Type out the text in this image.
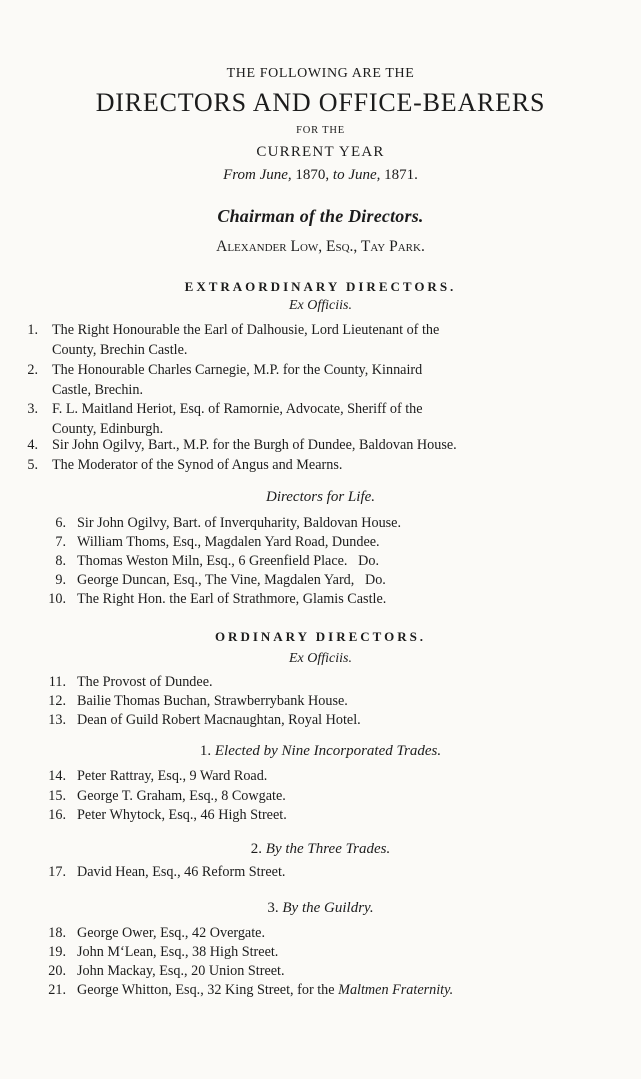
THE FOLLOWING ARE THE
DIRECTORS AND OFFICE-BEARERS
FOR THE
CURRENT YEAR
From June, 1870, to June, 1871.
Chairman of the Directors.
Alexander Low, Esq., Tay Park.
EXTRAORDINARY DIRECTORS.
Ex Officiis.
1. The Right Honourable the Earl of Dalhousie, Lord Lieutenant of the
County, Brechin Castle.
2. The Honourable Charles Carnegie, M.P. for the County, Kinnaird
Castle, Brechin.
3. F. L. Maitland Heriot, Esq. of Ramornie, Advocate, Sheriff of the
County, Edinburgh.
4. Sir John Ogilvy, Bart., M.P. for the Burgh of Dundee, Baldovan House.
5. The Moderator of the Synod of Angus and Mearns.
Directors for Life.
6. Sir John Ogilvy, Bart. of Inverquharity, Baldovan House.
7. William Thoms, Esq., Magdalen Yard Road, Dundee.
8. Thomas Weston Miln, Esq., 6 Greenfield Place.   Do.
9. George Duncan, Esq., The Vine, Magdalen Yard,   Do.
10. The Right Hon. the Earl of Strathmore, Glamis Castle.
ORDINARY DIRECTORS.
Ex Officiis.
11. The Provost of Dundee.
12. Bailie Thomas Buchan, Strawberrybank House.
13. Dean of Guild Robert Macnaughtan, Royal Hotel.
1. Elected by Nine Incorporated Trades.
14. Peter Rattray, Esq., 9 Ward Road.
15. George T. Graham, Esq., 8 Cowgate.
16. Peter Whytock, Esq., 46 High Street.
2. By the Three Trades.
17. David Hean, Esq., 46 Reform Street.
3. By the Guildry.
18. George Ower, Esq., 42 Overgate.
19. John M‘Lean, Esq., 38 High Street.
20. John Mackay, Esq., 20 Union Street.
21. George Whitton, Esq., 32 King Street, for the Maltmen Fraternity.
